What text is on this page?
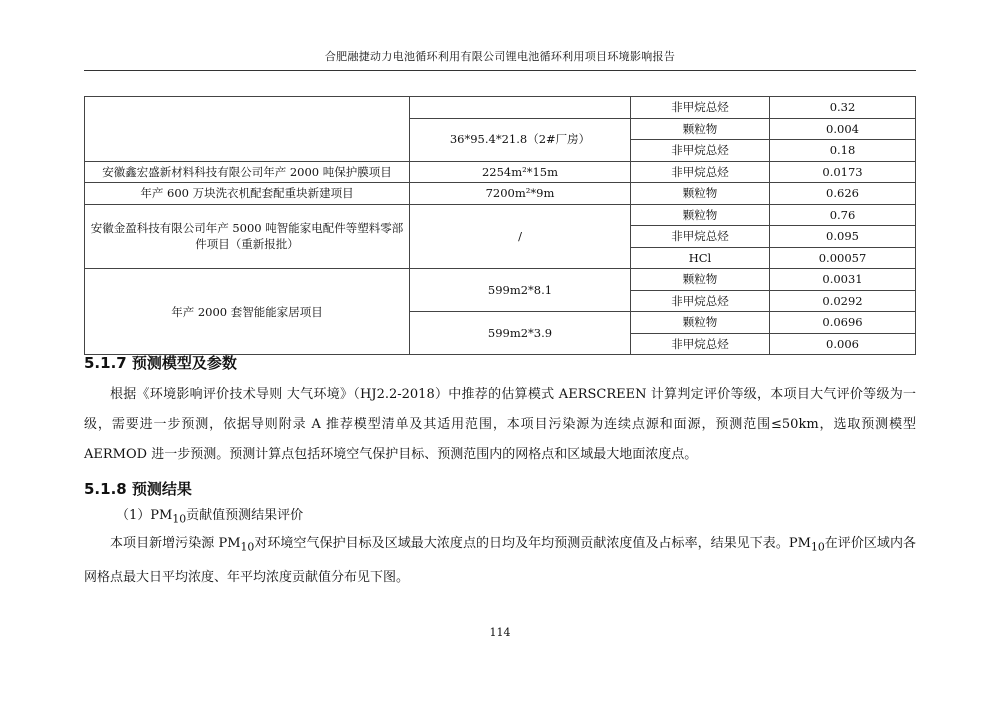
合肥融捷动力电池循环利用有限公司锂电池循环利用项目环境影响报告
		非甲烷总烃	0.32
	36*95.4*21.8（2#厂房）	颗粒物	0.004
		非甲烷总烃	0.18
安徽鑫宏盛新材料科技有限公司年产 2000 吨保护膜项目	2254m²*15m	非甲烷总烃	0.0173
年产 600 万块洗衣机配套配重块新建项目	7200m²*9m	颗粒物	0.626
安徽金盈科技有限公司年产 5000 吨智能家电配件等塑料零部件项目（重新报批）	/	颗粒物	0.76
		非甲烷总烃	0.095
		HCl	0.00057
年产 2000 套智能能家居项目	599m2*8.1	颗粒物	0.0031
		非甲烷总烃	0.0292
	599m2*3.9	颗粒物	0.0696
		非甲烷总烃	0.006
5.1.7 预测模型及参数

根据《环境影响评价技术导则 大气环境》（HJ2.2-2018）中推荐的估算模式 AERSCREEN 计算判定评价等级，本项目大气评价等级为一级，需要进一步预测，依据导则附录 A 推荐模型清单及其适用范围，本项目污染源为连续点源和面源，预测范围≤50km，选取预测模型 AERMOD 进一步预测。预测计算点包括环境空气保护目标、预测范围内的网格点和区域最大地面浓度点。

5.1.8 预测结果
$(1)PM_{10}$贡献值预测结果评价

本项目新增污染源 $PM_{10}$对环境空气保护目标及区域最大浓度点的日均及年均预测贡献浓度值及占标率，结果见下表。$PM_{10}$在评价区域内各网格点最大日平均浓度、年平均浓度贡献值分布见下图。

114
